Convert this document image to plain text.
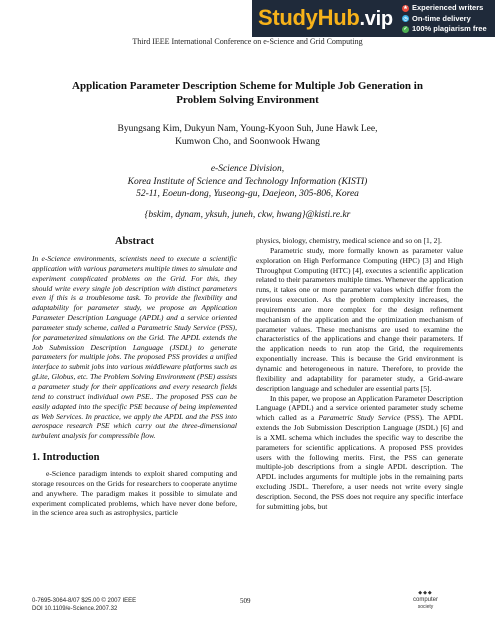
StudyHub.vip ★ Experienced writers
◷ On-time delivery
✓ 100% plagiarism free
Third IEEE International Conference on e-Science and Grid Computing
Application Parameter Description Scheme for Multiple Job Generation in Problem Solving Environment
Byungsang Kim, Dukyun Nam, Young-Kyoon Suh, June Hawk Lee,
Kumwon Cho, and Soonwook Hwang
e-Science Division,
Korea Institute of Science and Technology Information (KISTI)
52-11, Eoeun-dong, Yuseong-gu, Daejeon, 305-806, Korea
{bskim, dynam, yksuh, juneh, ckw, hwang}@kisti.re.kr
Abstract

In e-Science environments, scientists need to execute a scientific application with various parameters multiple times to simulate and experiment complicated problems on the Grid. For this, they should write every single job description with distinct parameters even if this is a troublesome task. To provide the flexibility and adaptability for parameter study, we propose an Application Parameter Description Language (APDL) and a service oriented parameter study scheme, called a Parametric Study Service (PSS), for parameterized simulations on the Grid. The APDL extends the Job Submission Description Language (JSDL) to generate parameters for multiple jobs. The proposed PSS provides a unified interface to submit jobs into various middleware platforms such as gLite, Globus, etc. The Problem Solving Environment (PSE) assists a parameter study for their applications and every research fields tend to construct individual own PSE.. The proposed PSS can be easily adapted into the specific PSE because of being implemented as Web Services. In practice, we apply the APDL and the PSS into aerospace research PSE which carry out the three-dimensional turbulent analysis for compressible flow.

1. Introduction

e-Science paradigm intends to exploit shared computing and storage resources on the Grids for researchers to cooperate anytime and anywhere. The paradigm makes it possible to simulate and experiment complicated problems, which have never done before, in the science area such as astrophysics, particle

physics, biology, chemistry, medical science and so on [1, 2].

Parametric study, more formally known as parameter value exploration on High Performance Computing (HPC) [3] and High Throughput Computing (HTC) [4], executes a scientific application related to their parameters multiple times. Whenever the application runs, it takes one or more parameter values which differ from the previous execution. As the problem complexity increases, the requirements are more complex for the design refinement mechanism of the application and the optimization mechanism of parameter values. These mechanisms are used to examine the characteristics of the applications and change their parameters. If the application needs to run atop the Grid, the requirements exponentially increase. This is because the Grid environment is dynamic and heterogeneous in nature. Therefore, to provide the flexibility and adaptability for parameter study, a Grid-aware description language and scheduler are essential parts [5].

In this paper, we propose an Application Parameter Description Language (APDL) and a service oriented parameter study scheme which called as a Parametric Study Service (PSS). The APDL extends the Job Submission Description Language (JSDL) [6] and is a XML schema which includes the specific way to describe the parameters for scientific applications. A proposed PSS provides users with the following merits. First, the PSS can generate multiple-job descriptions from a single APDL description. The APDL includes arguments for multiple jobs in the remaining parts excluding JSDL. Therefore, a user needs not write every single description. Second, the PSS does not require any specific interface for submitting jobs, but

0-7695-3064-8/07 $25.00 © 2007 IEEE
DOI 10.1109/e-Science.2007.32
509
◆◆◆
computer
society
